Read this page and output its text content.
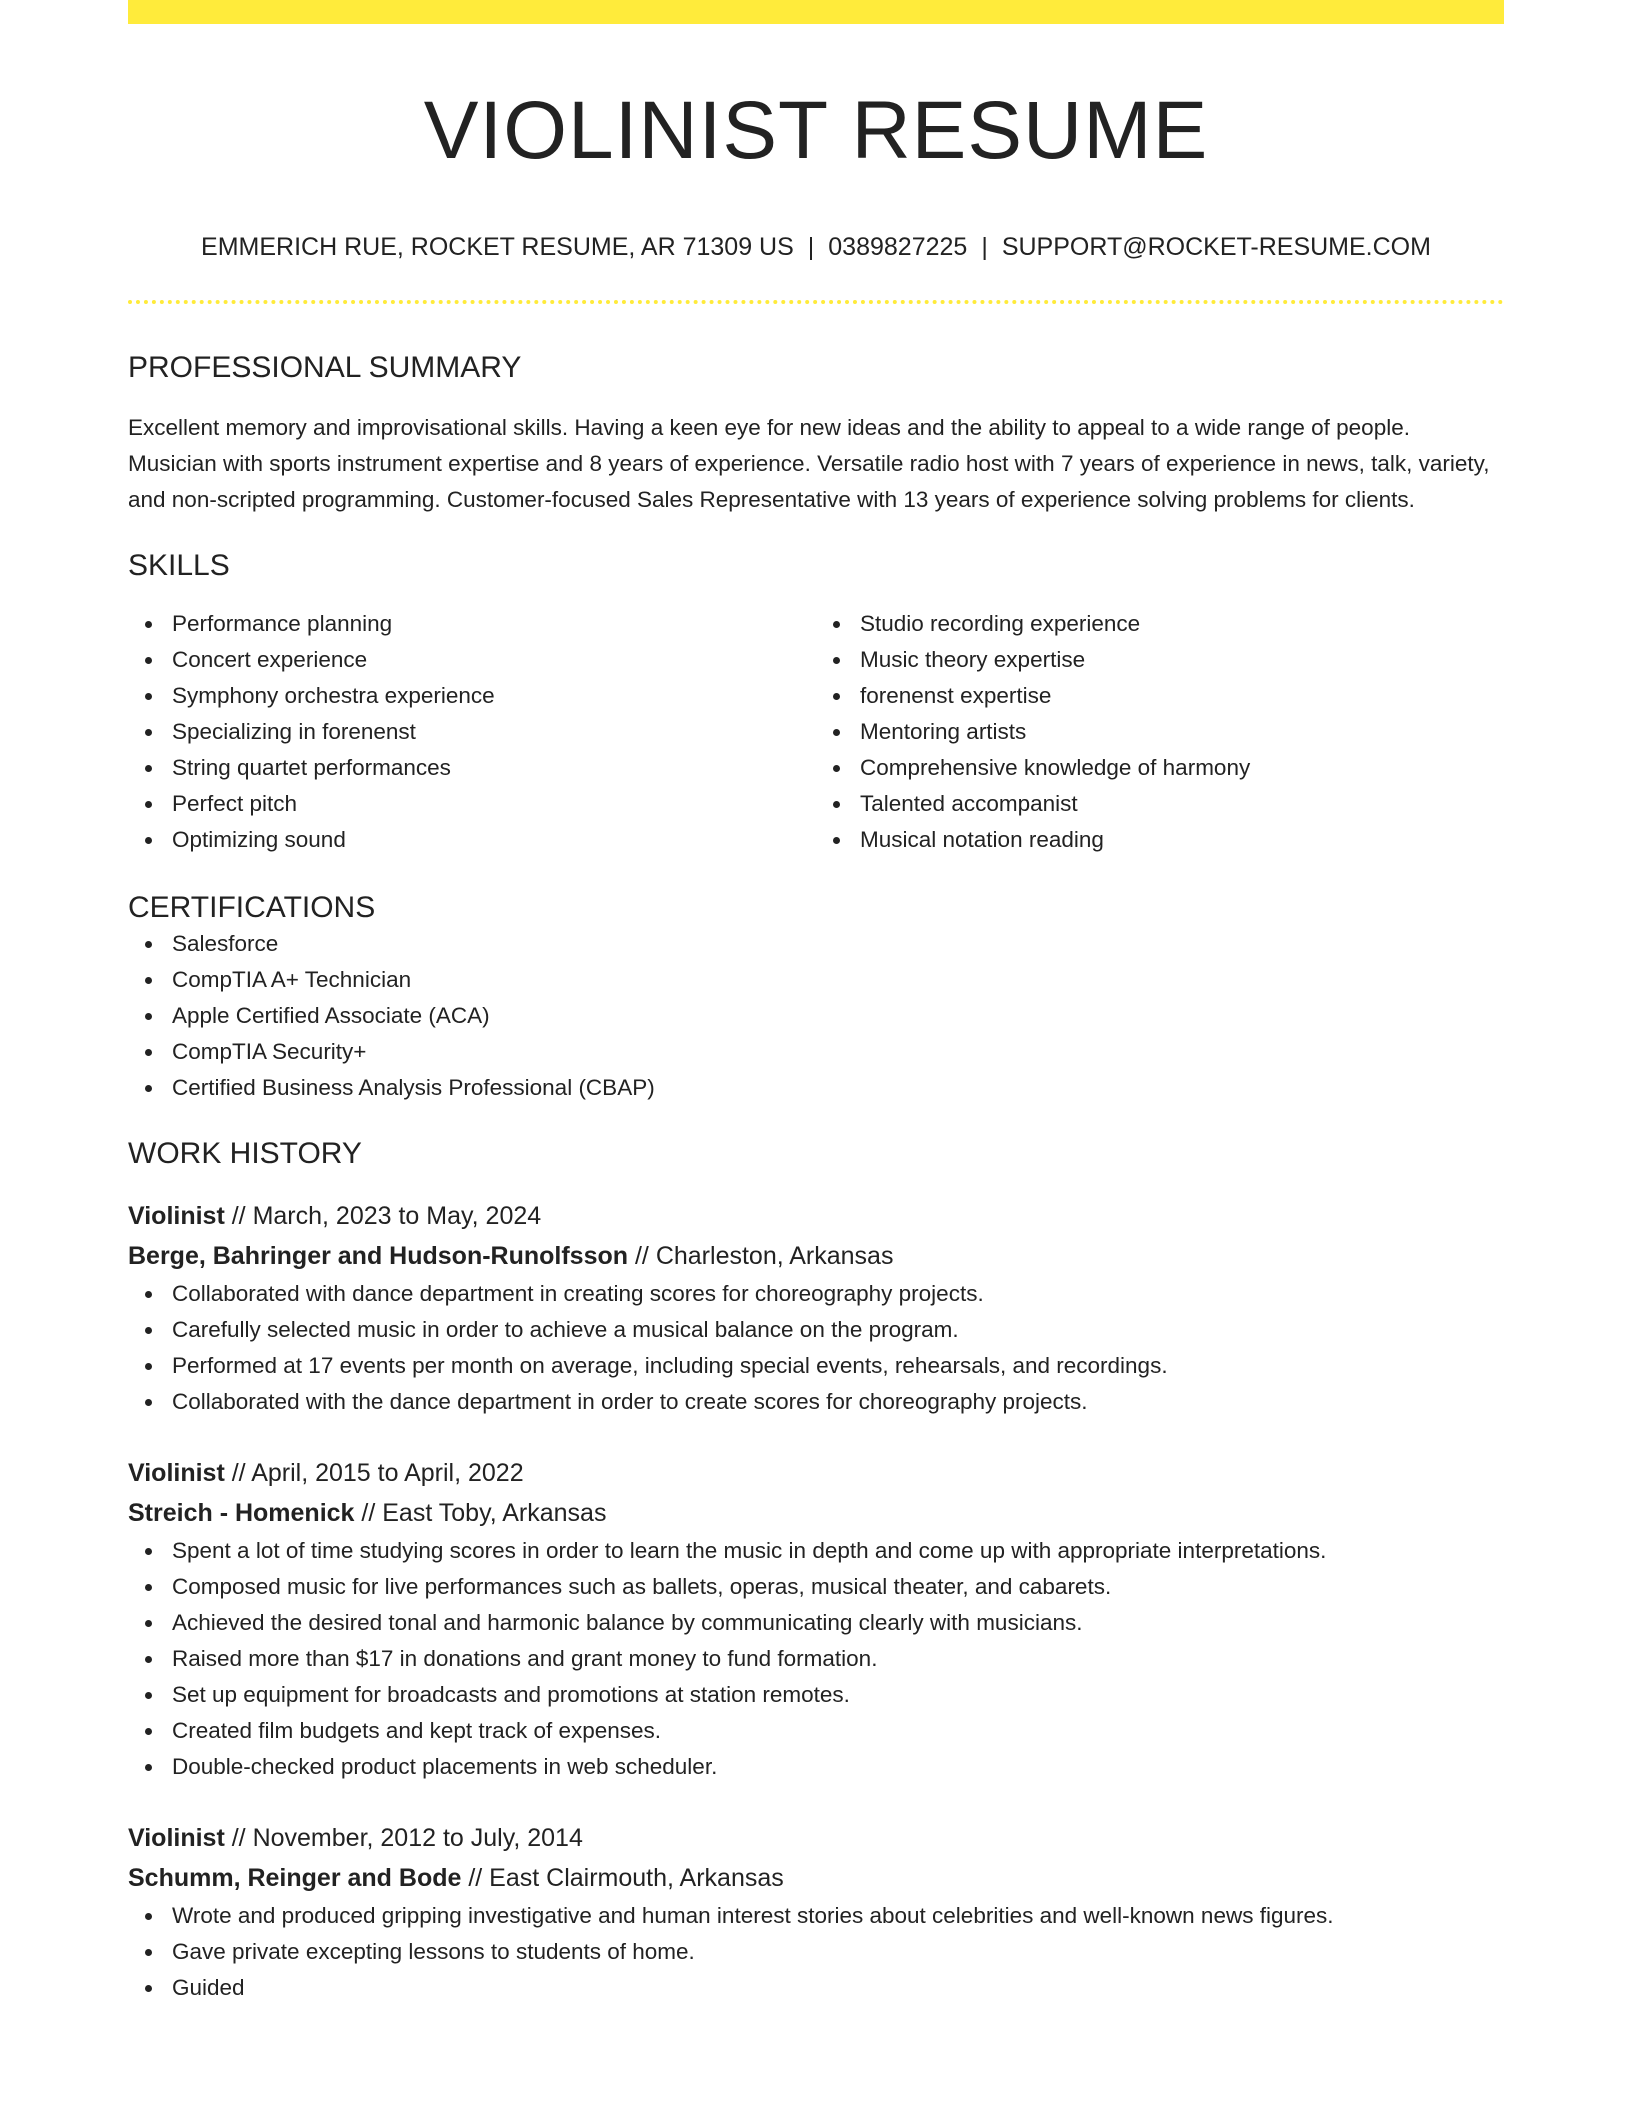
VIOLINIST RESUME
EMMERICH RUE, ROCKET RESUME, AR 71309 US | 0389827225 | SUPPORT@ROCKET-RESUME.COM
PROFESSIONAL SUMMARY
Excellent memory and improvisational skills. Having a keen eye for new ideas and the ability to appeal to a wide range of people. Musician with sports instrument expertise and 8 years of experience. Versatile radio host with 7 years of experience in news, talk, variety, and non-scripted programming. Customer-focused Sales Representative with 13 years of experience solving problems for clients.
SKILLS
Performance planning
Concert experience
Symphony orchestra experience
Specializing in forenenst
String quartet performances
Perfect pitch
Optimizing sound
Studio recording experience
Music theory expertise
forenenst expertise
Mentoring artists
Comprehensive knowledge of harmony
Talented accompanist
Musical notation reading
CERTIFICATIONS
Salesforce
CompTIA A+ Technician
Apple Certified Associate (ACA)
CompTIA Security+
Certified Business Analysis Professional (CBAP)
WORK HISTORY
Violinist // March, 2023 to May, 2024
Berge, Bahringer and Hudson-Runolfsson // Charleston, Arkansas
Collaborated with dance department in creating scores for choreography projects.
Carefully selected music in order to achieve a musical balance on the program.
Performed at 17 events per month on average, including special events, rehearsals, and recordings.
Collaborated with the dance department in order to create scores for choreography projects.
Violinist // April, 2015 to April, 2022
Streich - Homenick // East Toby, Arkansas
Spent a lot of time studying scores in order to learn the music in depth and come up with appropriate interpretations.
Composed music for live performances such as ballets, operas, musical theater, and cabarets.
Achieved the desired tonal and harmonic balance by communicating clearly with musicians.
Raised more than $17 in donations and grant money to fund formation.
Set up equipment for broadcasts and promotions at station remotes.
Created film budgets and kept track of expenses.
Double-checked product placements in web scheduler.
Violinist // November, 2012 to July, 2014
Schumm, Reinger and Bode // East Clairmouth, Arkansas
Wrote and produced gripping investigative and human interest stories about celebrities and well-known news figures.
Gave private excepting lessons to students of home.
Guided
